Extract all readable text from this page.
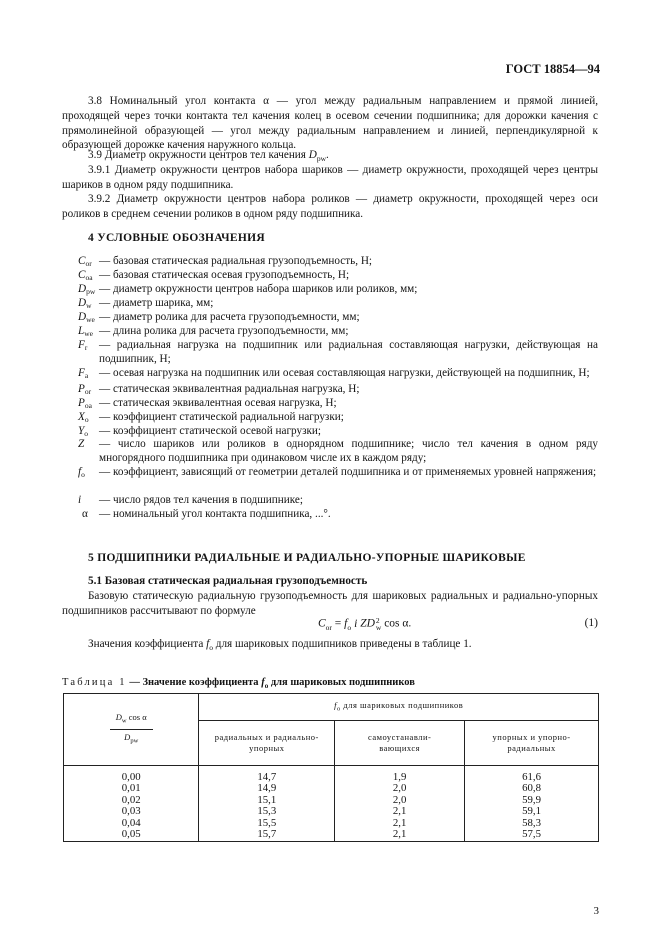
ГОСТ 18854—94
3.8 Номинальный угол контакта α — угол между радиальным направлением и прямой линией, проходящей через точки контакта тел качения колец в осевом сечении подшипника; для дорожки качения с прямолинейной образующей — угол между радиальным направлением и линией, перпендикулярной к образующей дорожке качения наружного кольца.
3.9 Диаметр окружности центров тел качения $D_{pw}$.
3.9.1 Диаметр окружности центров набора шариков — диаметр окружности, проходящей через центры шариков в одном ряду подшипника.
3.9.2 Диаметр окружности центров набора роликов — диаметр окружности, проходящей через оси роликов в среднем сечении роликов в одном ряду подшипника.
4 УСЛОВНЫЕ ОБОЗНАЧЕНИЯ
$C_{or}$ — базовая статическая радиальная грузоподъемность, Н;
$C_{oa}$ — базовая статическая осевая грузоподъемность, Н;
$D_{pw}$ — диаметр окружности центров набора шариков или роликов, мм;
$D_w$ — диаметр шарика, мм;
$D_{we}$ — диаметр ролика для расчета грузоподъемности, мм;
$L_{we}$ — длина ролика для расчета грузоподъемности, мм;
$F_r$	— радиальная нагрузка на подшипник или радиальная составляющая нагрузки, действующая на подшипник, Н;
$F_a$ — осевая нагрузка на подшипник или осевая составляющая нагрузки, действующей на подшипник, Н;
$P_{or}$ — статическая эквивалентная радиальная нагрузка, Н;
$P_{oa}$ — статическая эквивалентная осевая нагрузка, Н;
$X_o$ — коэффициент статической радиальной нагрузки;
$Y_o$ — коэффициент статической осевой нагрузки;
Z	— число шариков или роликов в однорядном подшипнике; число тел качения в одном ряду многорядного подшипника при одинаковом числе их в каждом ряду;
$f_o$	— коэффициент, зависящий от геометрии деталей подшипника и от применяемых уровней напряжения;
i	— число рядов тел качения в подшипнике;
α — номинальный угол контакта подшипника, ...°.
5 ПОДШИПНИКИ РАДИАЛЬНЫЕ И РАДИАЛЬНО-УПОРНЫЕ ШАРИКОВЫЕ
5.1 Базовая статическая радиальная грузоподъемность
Базовую статическую радиальную грузоподъемность для шариковых радиальных и радиально-упорных подшипников рассчитывают по формуле
$C_{or} = f_o$ i ZD 2
w cos α.	(1)
Значения коэффициента $f_o$ для шариковых подшипников приведены в таблице 1.
Таблица 1 — Значение коэффициента $f_o$ для шариковых подшипников
$D_w$ cos α
$D_{pw}$	$f_o$ для шариковых подшипников		
	радиальных и радиально-упорных	самоустанавли-вающихся	упорных и упорно-радиальных

0,00	14,7	1,9	61,6
0,01	14,9	2,0	60,8
0,02	15,1	2,0	59,9
0,03	15,3	2,1	59,1
0,04	15,5	2,1	58,3
0,05	15,7	2,1	57,5
3
